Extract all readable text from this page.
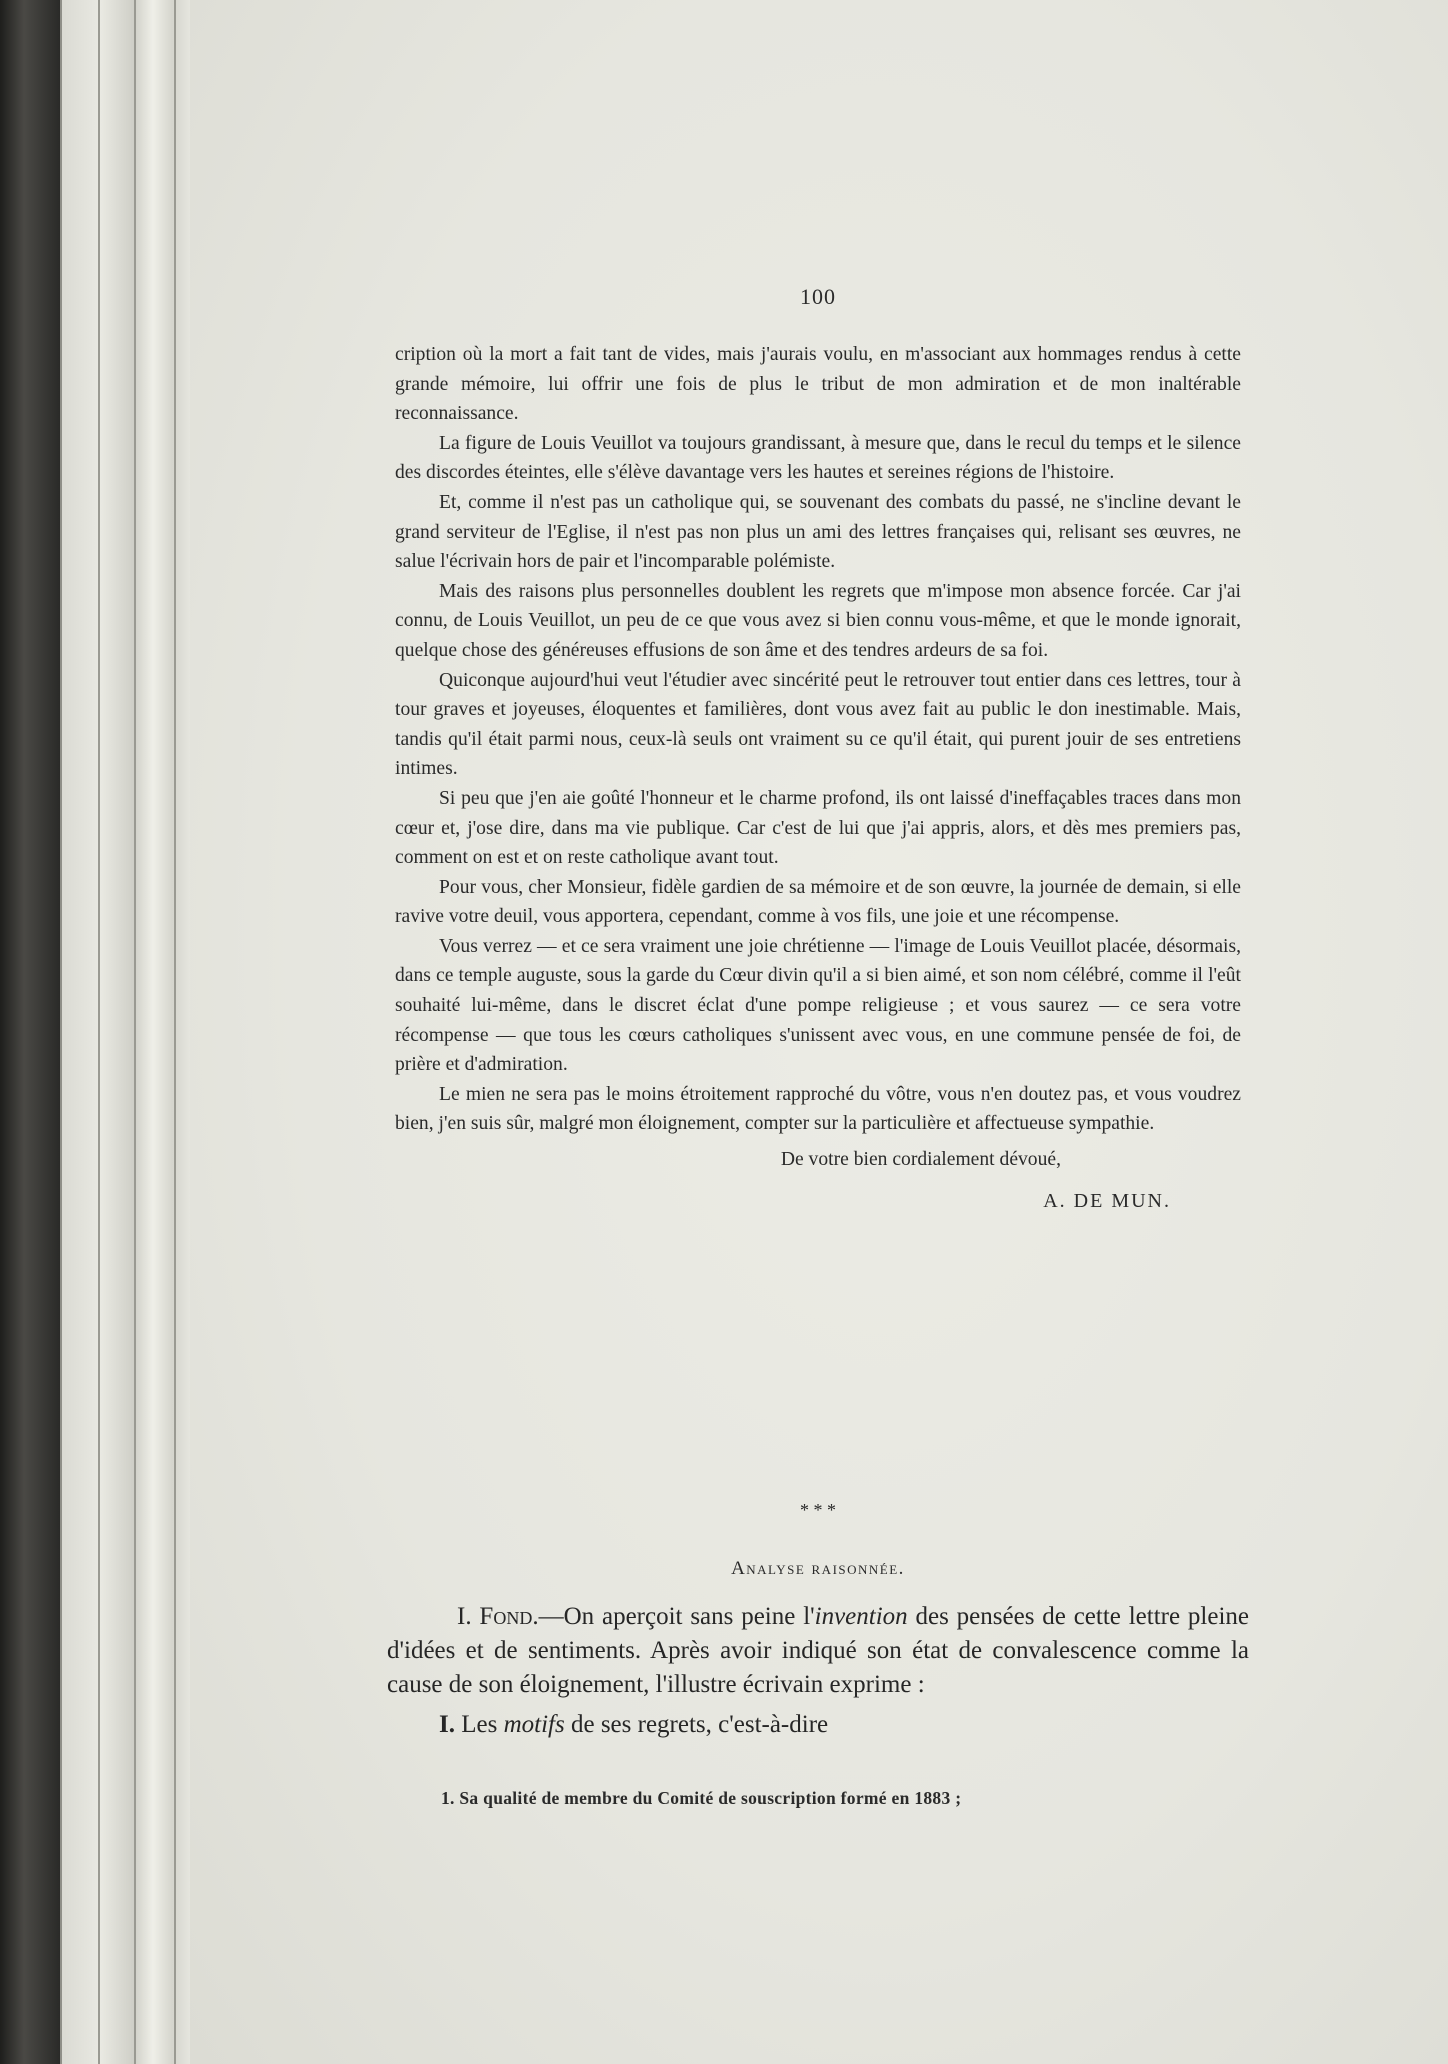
100

cription où la mort a fait tant de vides, mais j'aurais voulu, en m'associant aux hommages rendus à cette grande mémoire, lui offrir une fois de plus le tribut de mon admiration et de mon inaltérable reconnaissance.

La figure de Louis Veuillot va toujours grandissant, à mesure que, dans le recul du temps et le silence des discordes éteintes, elle s'élève davantage vers les hautes et sereines régions de l'histoire.

Et, comme il n'est pas un catholique qui, se souvenant des combats du passé, ne s'incline devant le grand serviteur de l'Eglise, il n'est pas non plus un ami des lettres françaises qui, relisant ses œuvres, ne salue l'écrivain hors de pair et l'incomparable polémiste.

Mais des raisons plus personnelles doublent les regrets que m'impose mon absence forcée. Car j'ai connu, de Louis Veuillot, un peu de ce que vous avez si bien connu vous-même, et que le monde ignorait, quelque chose des généreuses effusions de son âme et des tendres ardeurs de sa foi.

Quiconque aujourd'hui veut l'étudier avec sincérité peut le retrouver tout entier dans ces lettres, tour à tour graves et joyeuses, éloquentes et familières, dont vous avez fait au public le don inestimable. Mais, tandis qu'il était parmi nous, ceux-là seuls ont vraiment su ce qu'il était, qui purent jouir de ses entretiens intimes.

Si peu que j'en aie goûté l'honneur et le charme profond, ils ont laissé d'ineffaçables traces dans mon cœur et, j'ose dire, dans ma vie publique. Car c'est de lui que j'ai appris, alors, et dès mes premiers pas, comment on est et on reste catholique avant tout.

Pour vous, cher Monsieur, fidèle gardien de sa mémoire et de son œuvre, la journée de demain, si elle ravive votre deuil, vous apportera, cependant, comme à vos fils, une joie et une récompense.

Vous verrez — et ce sera vraiment une joie chrétienne — l'image de Louis Veuillot placée, désormais, dans ce temple auguste, sous la garde du Cœur divin qu'il a si bien aimé, et son nom célébré, comme il l'eût souhaité lui-même, dans le discret éclat d'une pompe religieuse ; et vous saurez — ce sera votre récompense — que tous les cœurs catholiques s'unissent avec vous, en une commune pensée de foi, de prière et d'admiration.

Le mien ne sera pas le moins étroitement rapproché du vôtre, vous n'en doutez pas, et vous voudrez bien, j'en suis sûr, malgré mon éloignement, compter sur la particulière et affectueuse sympathie.

De votre bien cordialement dévoué,
A. DE MUN.
* * *
Analyse raisonnée.

I. Fond.—On aperçoit sans peine l'invention des pensées de cette lettre pleine d'idées et de sentiments. Après avoir indiqué son état de convalescence comme la cause de son éloignement, l'illustre écrivain exprime :

I. Les motifs de ses regrets, c'est-à-dire

1. Sa qualité de membre du Comité de souscription formé en 1883 ;
